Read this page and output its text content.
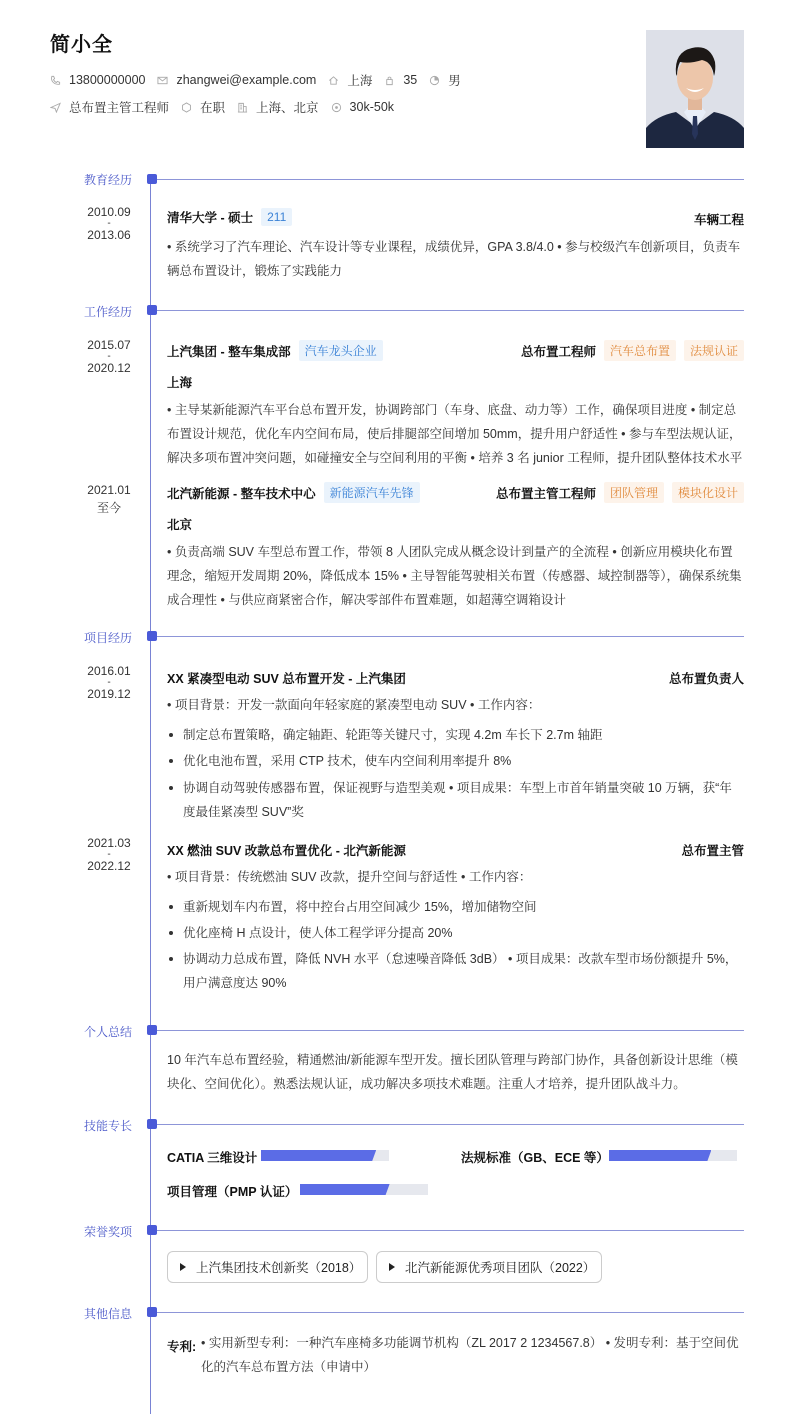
简小全
13800000000 zhangwei@example.com 上海 35 男
总布置主管工程师 在职 上海、北京 30k-50k
教育经历
2010.09
-
2013.06
清华大学 - 硕士	211	车辆工程
• 系统学习了汽车理论、汽车设计等专业课程，成绩优异，GPA 3.8/4.0 • 参与校级汽车创新项目，负责车辆总布置设计，锻炼了实践能力
工作经历
2015.07
-
2020.12
上汽集团 - 整车集成部	汽车龙头企业	总布置工程师	汽车总布置	法规认证
上海
• 主导某新能源汽车平台总布置开发，协调跨部门（车身、底盘、动力等）工作，确保项目进度 • 制定总布置设计规范，优化车内空间布局，使后排腿部空间增加 50mm，提升用户舒适性 • 参与车型法规认证，解决多项布置冲突问题，如碰撞安全与空间利用的平衡 • 培养 3 名 junior 工程师，提升团队整体技术水平
2021.01
至今
北汽新能源 - 整车技术中心	新能源汽车先锋	总布置主管工程师	团队管理	模块化设计
北京
• 负责高端 SUV 车型总布置工作，带领 8 人团队完成从概念设计到量产的全流程 • 创新应用模块化布置理念，缩短开发周期 20%，降低成本 15% • 主导智能驾驶相关布置（传感器、域控制器等），确保系统集成合理性 • 与供应商紧密合作，解决零部件布置难题，如超薄空调箱设计
项目经历
2016.01
-
2019.12
XX 紧凑型电动 SUV 总布置开发 - 上汽集团	总布置负责人
• 项目背景：开发一款面向年轻家庭的紧凑型电动 SUV • 工作内容：
制定总布置策略，确定轴距、轮距等关键尺寸，实现 4.2m 车长下 2.7m 轴距
优化电池布置，采用 CTP 技术，使车内空间利用率提升 8%
协调自动驾驶传感器布置，保证视野与造型美观 • 项目成果：车型上市首年销量突破 10 万辆，获“年度最佳紧凑型 SUV”奖
2021.03
-
2022.12
XX 燃油 SUV 改款总布置优化 - 北汽新能源	总布置主管
• 项目背景：传统燃油 SUV 改款，提升空间与舒适性 • 工作内容：
重新规划车内布置，将中控台占用空间减少 15%，增加储物空间
优化座椅 H 点设计，使人体工程学评分提高 20%
协调动力总成布置，降低 NVH 水平（怠速噪音降低 3dB） • 项目成果：改款车型市场份额提升 5%，用户满意度达 90%
个人总结
10 年汽车总布置经验，精通燃油/新能源车型开发。擅长团队管理与跨部门协作，具备创新设计思维（模块化、空间优化）。熟悉法规认证，成功解决多项技术难题。注重人才培养，提升团队战斗力。
技能专长
CATIA 三维设计	法规标准（GB、ECE 等）
项目管理（PMP 认证）
荣誉奖项
上汽集团技术创新奖（2018）	北汽新能源优秀项目团队（2022）
其他信息
专利: • 实用新型专利：一种汽车座椅多功能调节机构（ZL 2017 2 1234567.8） • 发明专利：基于空间优化的汽车总布置方法（申请中）
